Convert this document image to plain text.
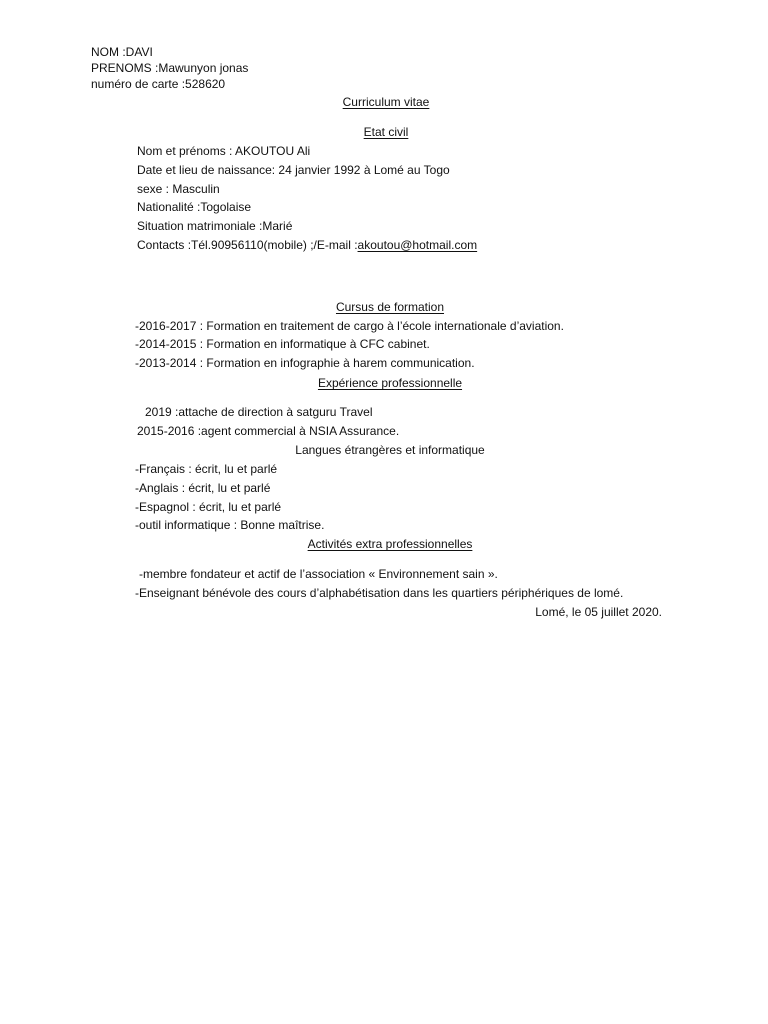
NOM :DAVI
PRENOMS :Mawunyon jonas
numéro de carte :528620
Curriculum vitae
Etat civil
Nom et prénoms : AKOUTOU Ali
Date et lieu de naissance: 24 janvier 1992 à Lomé au Togo
sexe : Masculin
Nationalité :Togolaise
Situation matrimoniale :Marié
Contacts :Tél.90956110(mobile) ;/E-mail :akoutou@hotmail.com
Cursus de formation
-2016-2017 : Formation en traitement de cargo à l’école internationale d’aviation.
-2014-2015 : Formation en informatique à CFC cabinet.
-2013-2014 : Formation en infographie à harem communication.
Expérience professionnelle
2019 :attache de direction à satguru Travel
2015-2016 :agent commercial à NSIA Assurance.
Langues étrangères et informatique
-Français : écrit, lu et parlé
-Anglais : écrit, lu et parlé
-Espagnol : écrit, lu et parlé
-outil informatique : Bonne maîtrise.
Activités extra professionnelles
-membre fondateur et actif de l’association « Environnement sain ».
-Enseignant bénévole des cours d’alphabétisation dans les quartiers périphériques de lomé.
Lomé, le 05 juillet 2020.
